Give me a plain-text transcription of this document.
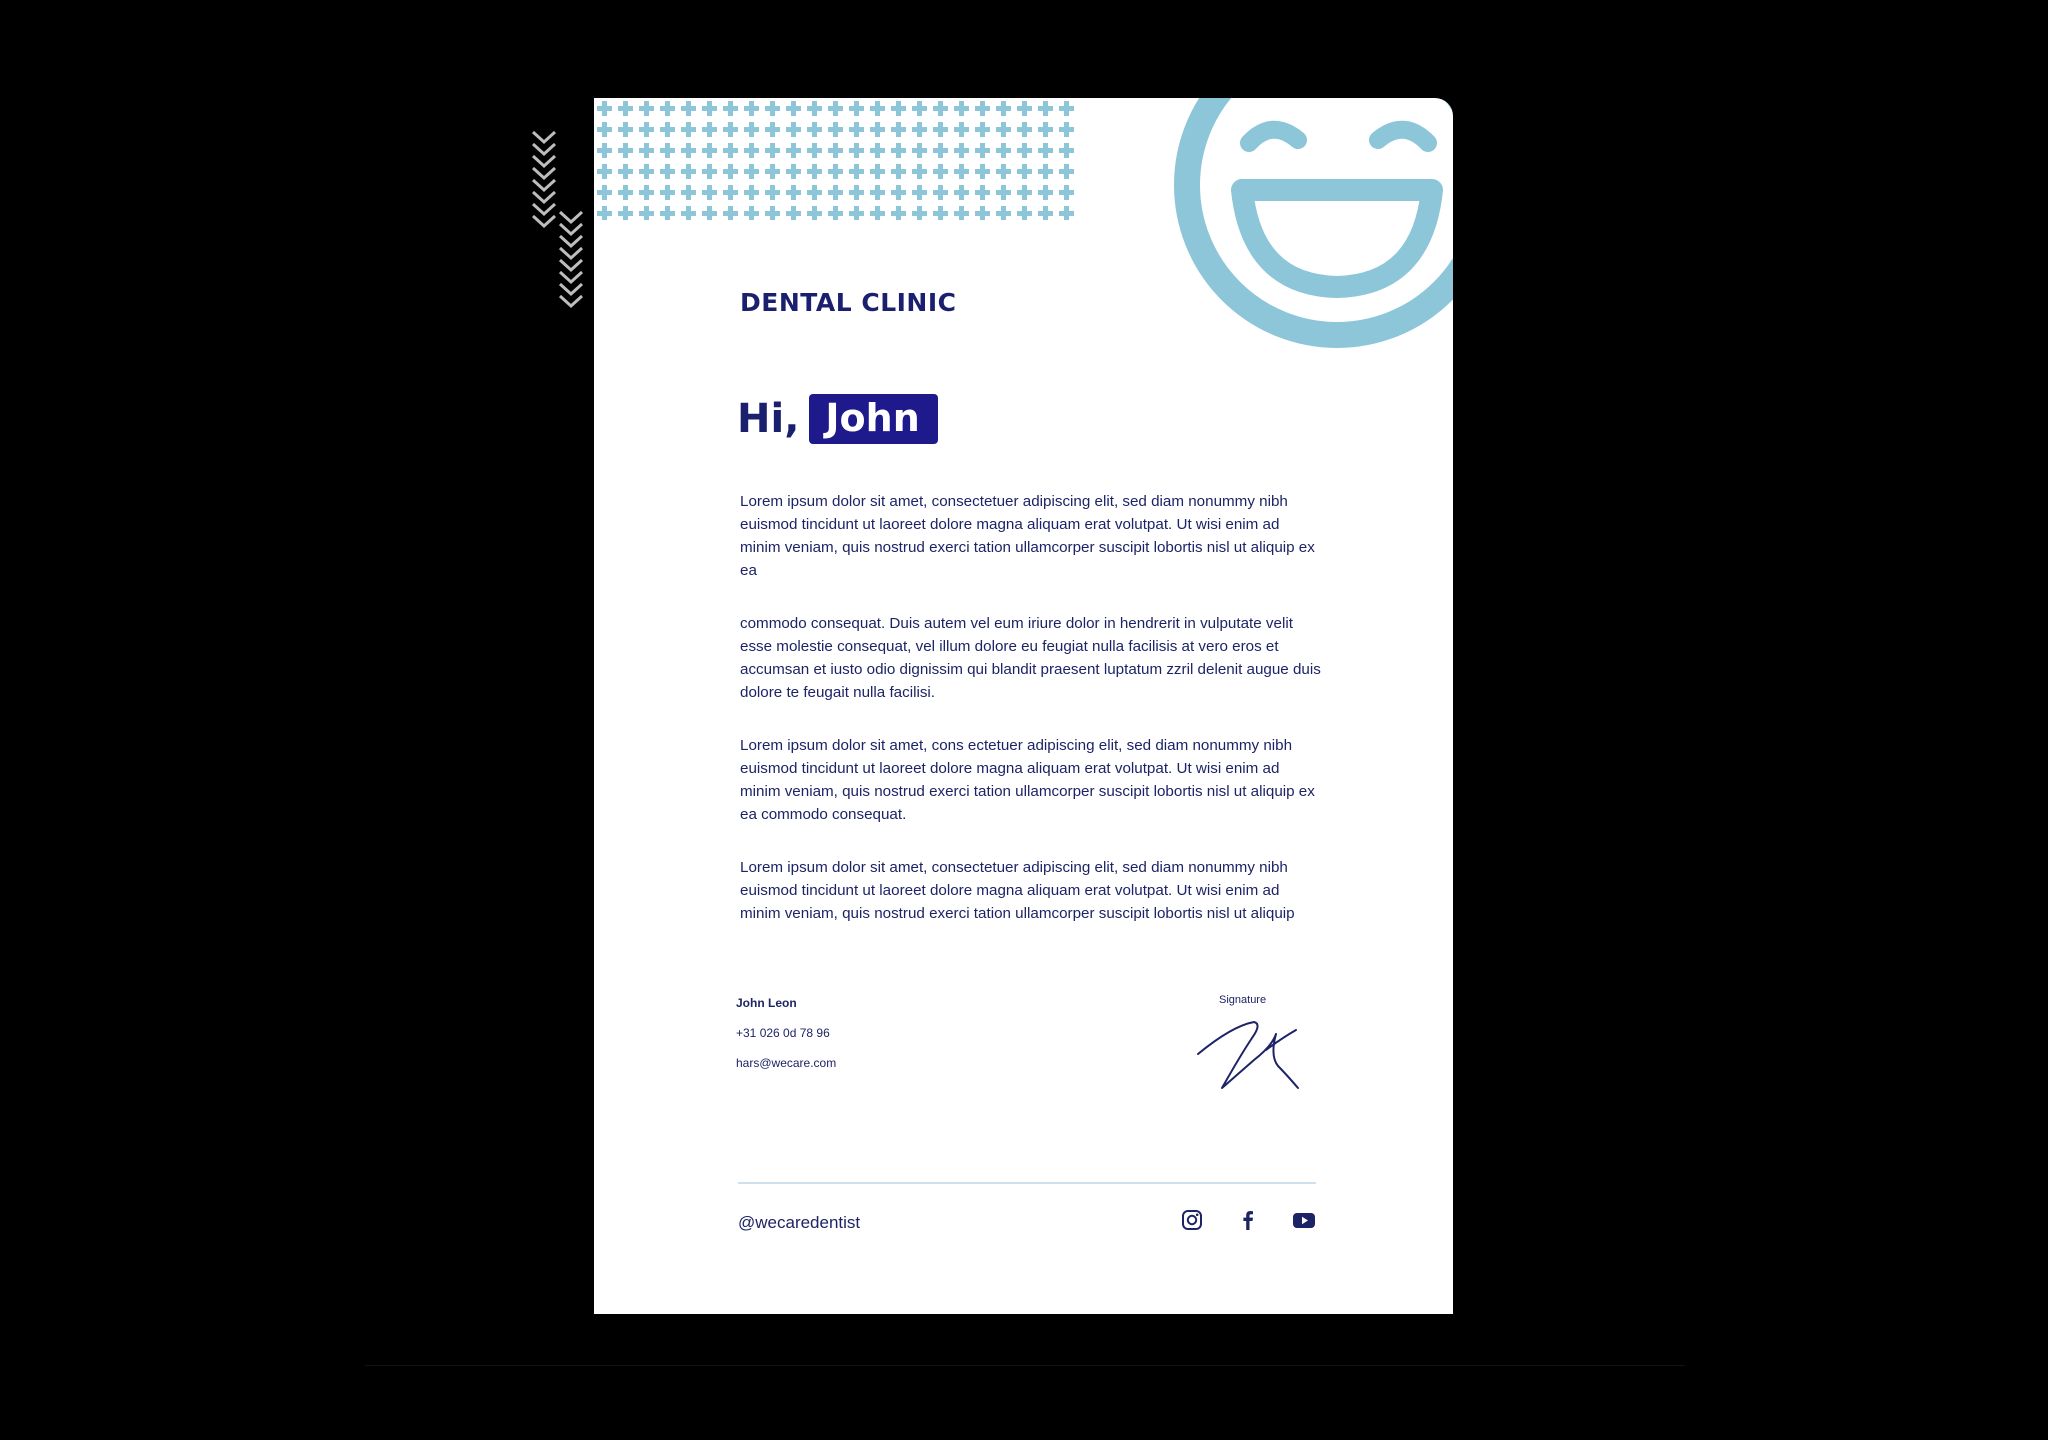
DENTAL CLINIC
Hi, John

Lorem ipsum dolor sit amet, consectetuer adipiscing elit, sed diam nonummy nibh euismod tincidunt ut laoreet dolore magna aliquam erat volutpat. Ut wisi enim ad minim veniam, quis nostrud exerci tation ullamcorper suscipit lobortis nisl ut aliquip ex ea

commodo consequat. Duis autem vel eum iriure dolor in hendrerit in vulputate velit esse molestie consequat, vel illum dolore eu feugiat nulla facilisis at vero eros et accumsan et iusto odio dignissim qui blandit praesent luptatum zzril delenit augue duis dolore te feugait nulla facilisi.

Lorem ipsum dolor sit amet, cons ectetuer adipiscing elit, sed diam nonummy nibh euismod tincidunt ut laoreet dolore magna aliquam erat volutpat. Ut wisi enim ad minim veniam, quis nostrud exerci tation ullamcorper suscipit lobortis nisl ut aliquip ex ea commodo consequat.

Lorem ipsum dolor sit amet, consectetuer adipiscing elit, sed diam nonummy nibh euismod tincidunt ut laoreet dolore magna aliquam erat volutpat. Ut wisi enim ad minim veniam, quis nostrud exerci tation ullamcorper suscipit lobortis nisl ut aliquip

John Leon
+31 026 0d 78 96
hars@wecare.com
Signature
@wecaredentist
